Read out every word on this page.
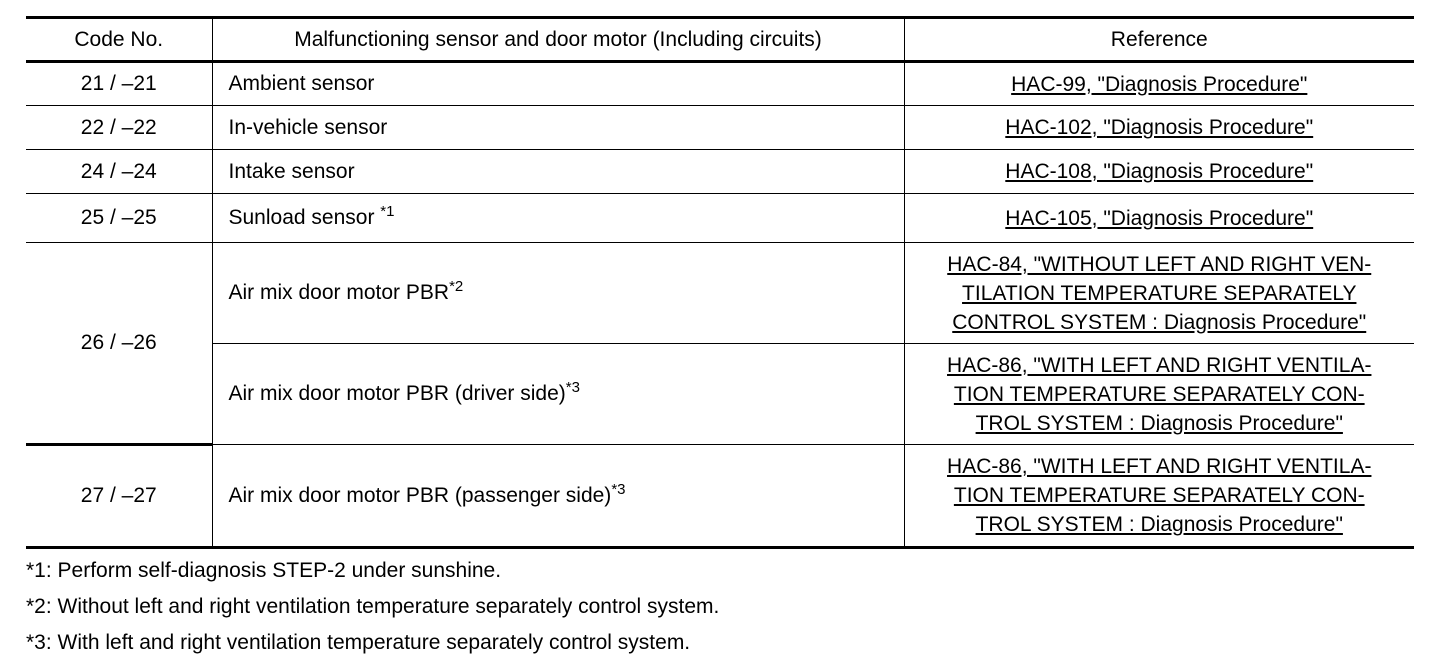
Code No.	Malfunctioning sensor and door motor (Including circuits)	Reference
21 / –21	Ambient sensor	HAC-99, "Diagnosis Procedure"
22 / –22	In-vehicle sensor	HAC-102, "Diagnosis Procedure"
24 / –24	Intake sensor	HAC-108, "Diagnosis Procedure"
25 / –25	Sunload sensor $^{*1}$	HAC-105, "Diagnosis Procedure"
26 / –26	Air mix door motor PBR$^{*2}$	HAC-84, "WITHOUT LEFT AND RIGHT VEN-
TILATION TEMPERATURE SEPARATELY
CONTROL SYSTEM : Diagnosis Procedure"
	Air mix door motor PBR (driver side)$^{*3}$	HAC-86, "WITH LEFT AND RIGHT VENTILA-
TION TEMPERATURE SEPARATELY CON-
TROL SYSTEM : Diagnosis Procedure"
27 / –27	Air mix door motor PBR (passenger side)$^{*3}$	HAC-86, "WITH LEFT AND RIGHT VENTILA-
TION TEMPERATURE SEPARATELY CON-
TROL SYSTEM : Diagnosis Procedure"
*1: Perform self-diagnosis STEP-2 under sunshine.
*2: Without left and right ventilation temperature separately control system.
*3: With left and right ventilation temperature separately control system.
